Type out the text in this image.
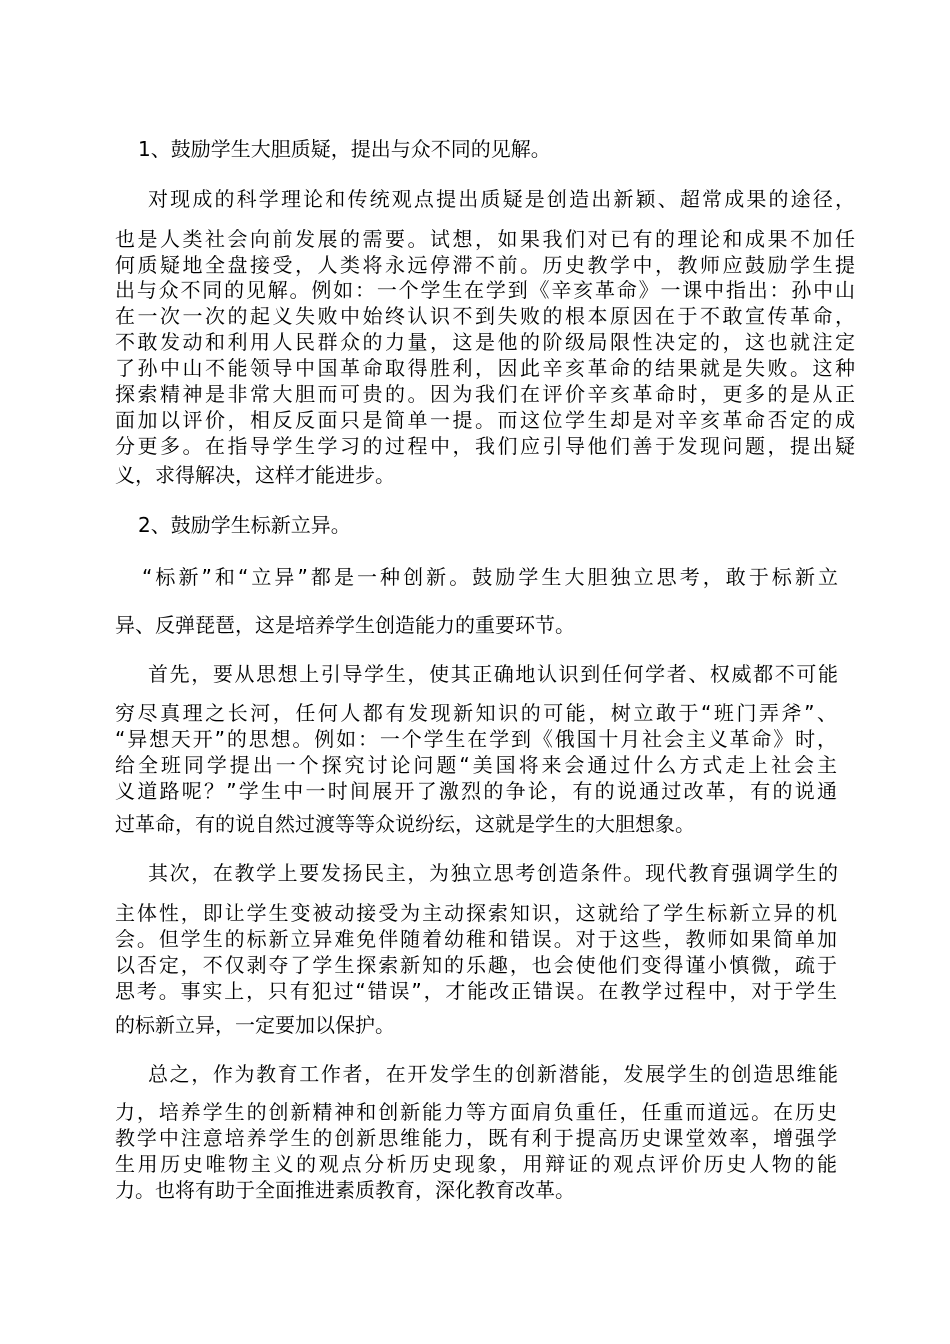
1、鼓励学生大胆质疑，提出与众不同的见解。
对现成的科学理论和传统观点提出质疑是创造出新颖、超常成果的途径，
也是人类社会向前发展的需要。试想，如果我们对已有的理论和成果不加任
何质疑地全盘接受，人类将永远停滞不前。历史教学中，教师应鼓励学生提
出与众不同的见解。例如：一个学生在学到《辛亥革命》一课中指出：孙中山
在一次一次的起义失败中始终认识不到失败的根本原因在于不敢宣传革命，
不敢发动和利用人民群众的力量，这是他的阶级局限性决定的，这也就注定
了孙中山不能领导中国革命取得胜利，因此辛亥革命的结果就是失败。这种
探索精神是非常大胆而可贵的。因为我们在评价辛亥革命时，更多的是从正
面加以评价，相反反面只是简单一提。而这位学生却是对辛亥革命否定的成
分更多。在指导学生学习的过程中，我们应引导他们善于发现问题，提出疑
义，求得解决，这样才能进步。
2、鼓励学生标新立异。
“标新”和“立异”都是一种创新。鼓励学生大胆独立思考，敢于标新立
异、反弹琵琶，这是培养学生创造能力的重要环节。
首先，要从思想上引导学生，使其正确地认识到任何学者、权威都不可能
穷尽真理之长河，任何人都有发现新知识的可能，树立敢于“班门弄斧”、
“异想天开”的思想。例如：一个学生在学到《俄国十月社会主义革命》时，
给全班同学提出一个探究讨论问题“美国将来会通过什么方式走上社会主
义道路呢？”学生中一时间展开了激烈的争论，有的说通过改革，有的说通
过革命，有的说自然过渡等等众说纷纭，这就是学生的大胆想象。
其次，在教学上要发扬民主，为独立思考创造条件。现代教育强调学生的
主体性，即让学生变被动接受为主动探索知识，这就给了学生标新立异的机
会。但学生的标新立异难免伴随着幼稚和错误。对于这些，教师如果简单加
以否定，不仅剥夺了学生探索新知的乐趣，也会使他们变得谨小慎微，疏于
思考。事实上，只有犯过“错误”，才能改正错误。在教学过程中，对于学生
的标新立异，一定要加以保护。
总之，作为教育工作者，在开发学生的创新潜能，发展学生的创造思维能
力，培养学生的创新精神和创新能力等方面肩负重任，任重而道远。在历史
教学中注意培养学生的创新思维能力，既有利于提高历史课堂效率，增强学
生用历史唯物主义的观点分析历史现象，用辩证的观点评价历史人物的能
力。也将有助于全面推进素质教育，深化教育改革。
